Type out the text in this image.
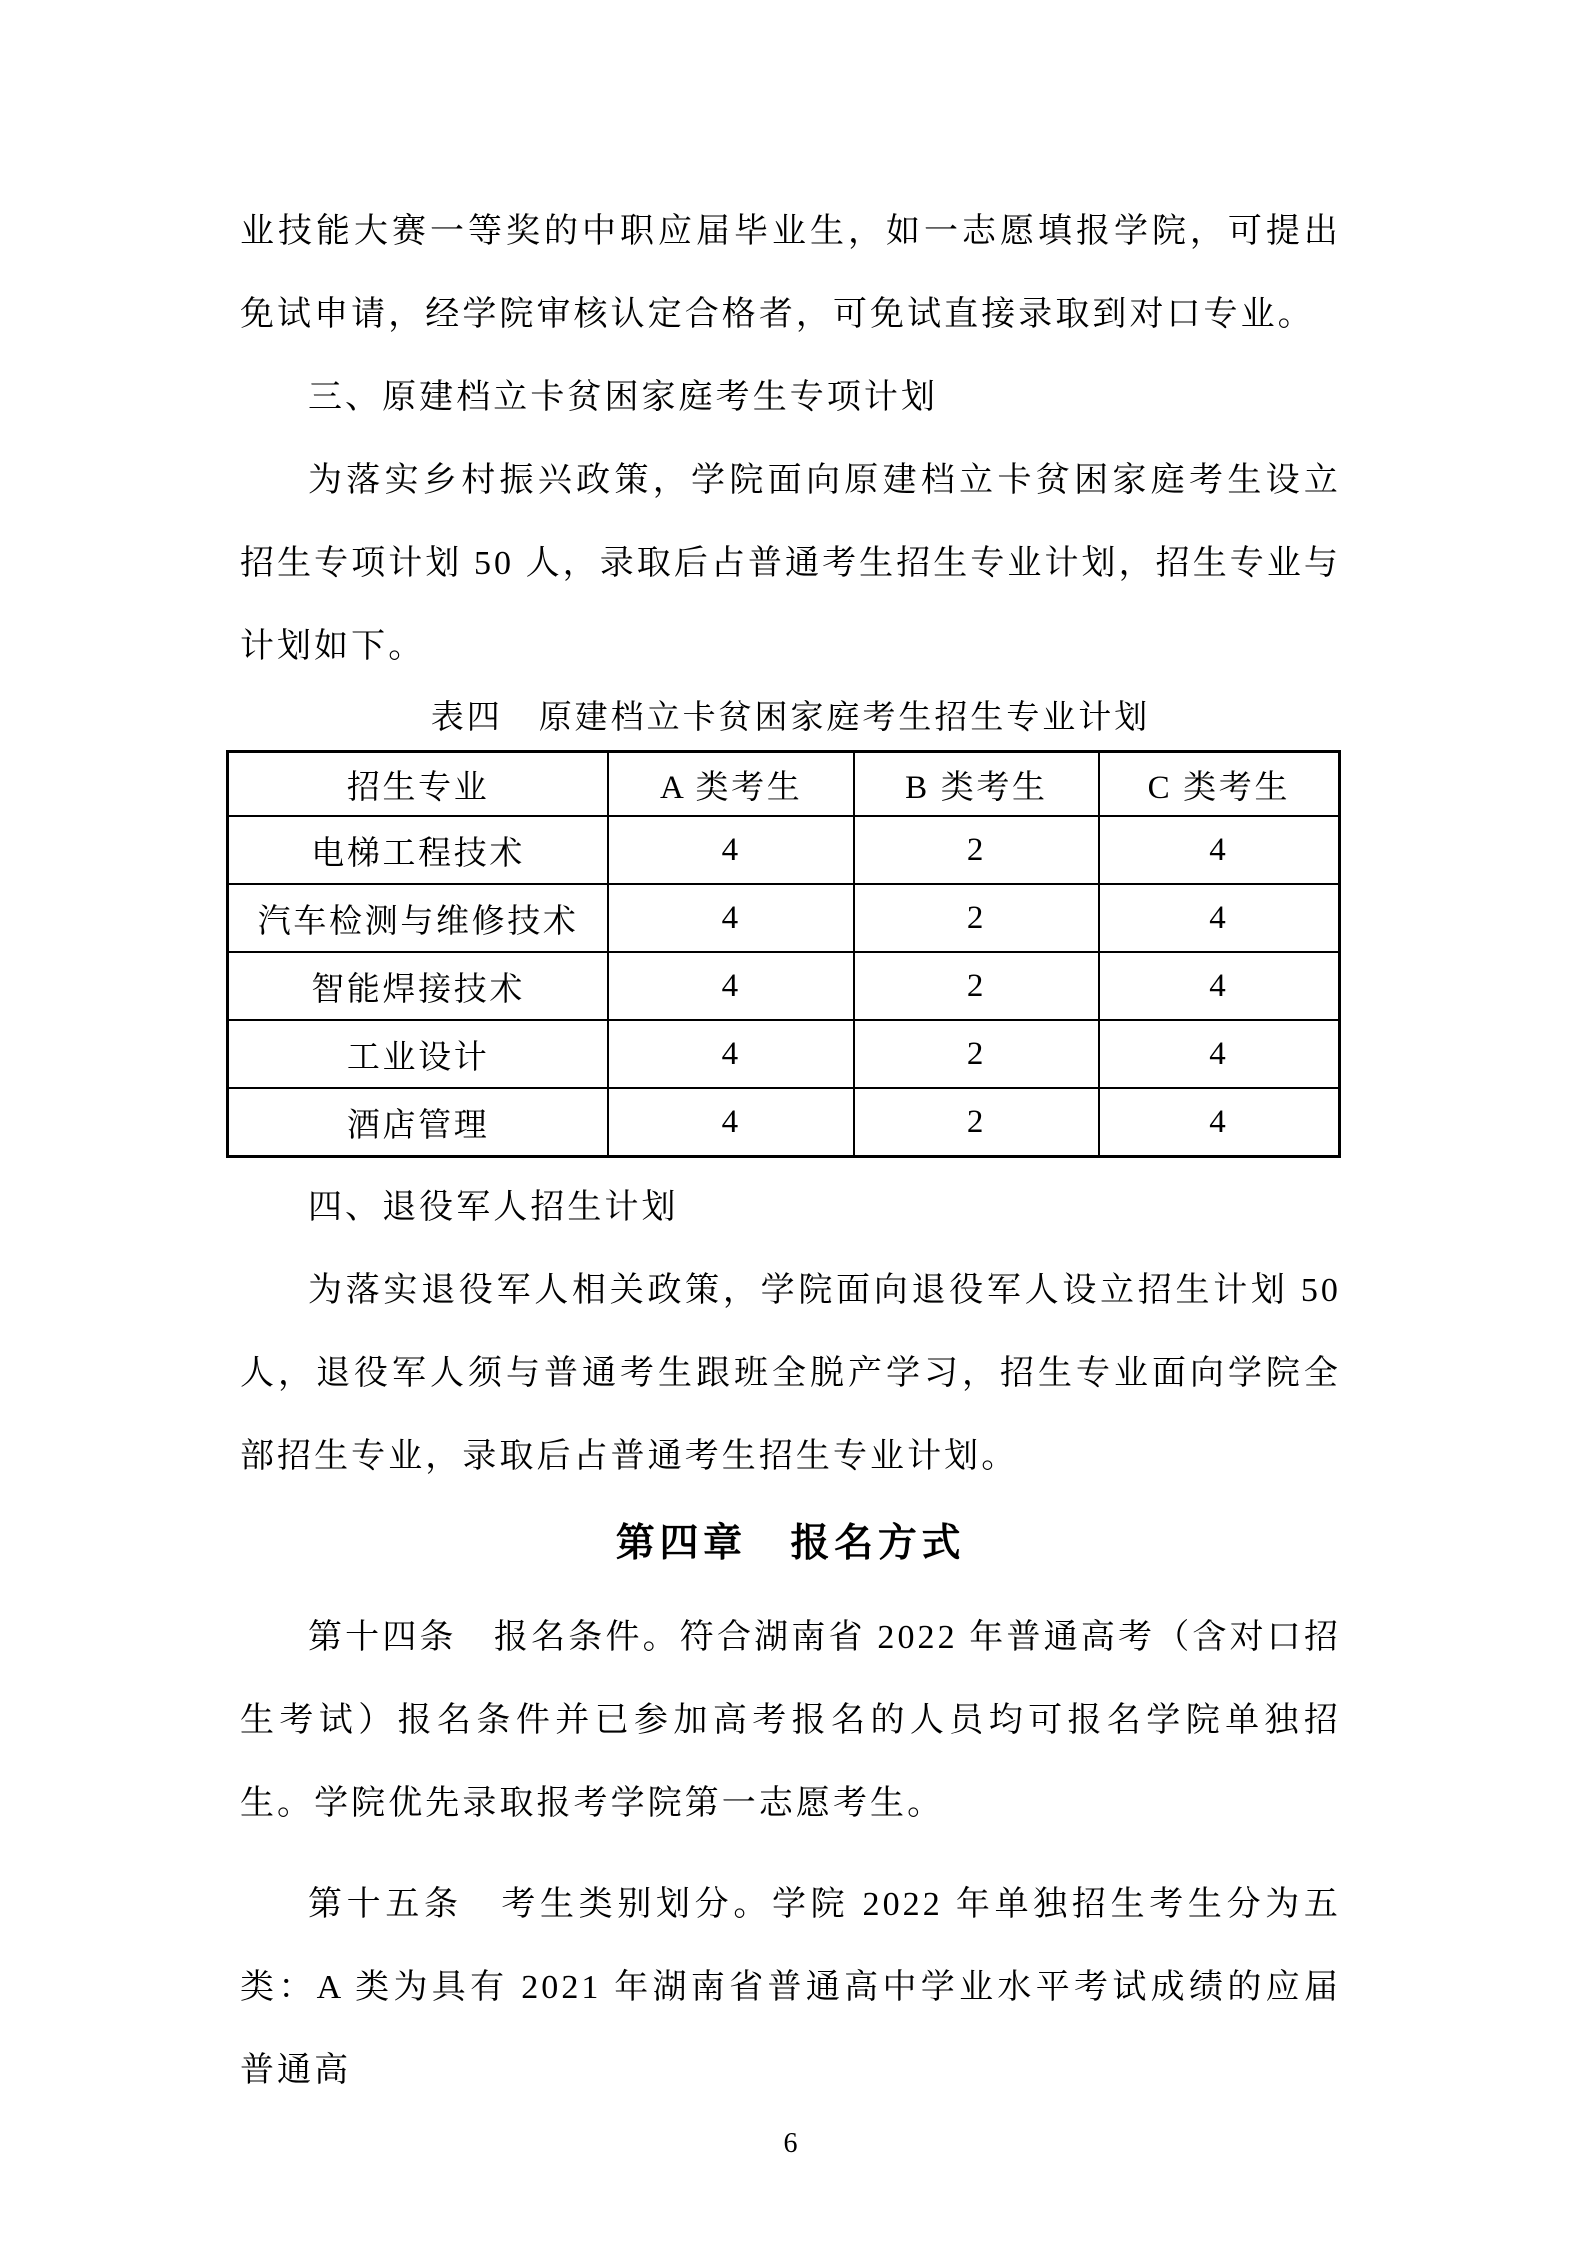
业技能大赛一等奖的中职应届毕业生，如一志愿填报学院，可提出免试申请，经学院审核认定合格者，可免试直接录取到对口专业。

三、原建档立卡贫困家庭考生专项计划

为落实乡村振兴政策，学院面向原建档立卡贫困家庭考生设立招生专项计划 50 人，录取后占普通考生招生专业计划，招生专业与计划如下。

表四　原建档立卡贫困家庭考生招生专业计划

招生专业	A 类考生	B 类考生	C 类考生
电梯工程技术	4	2	4
汽车检测与维修技术	4	2	4
智能焊接技术	4	2	4
工业设计	4	2	4
酒店管理	4	2	4
四、退役军人招生计划

为落实退役军人相关政策，学院面向退役军人设立招生计划 50 人，退役军人须与普通考生跟班全脱产学习，招生专业面向学院全部招生专业，录取后占普通考生招生专业计划。

第四章　报名方式

第十四条　报名条件。符合湖南省 2022 年普通高考（含对口招生考试）报名条件并已参加高考报名的人员均可报名学院单独招生。学院优先录取报考学院第一志愿考生。

第十五条　考生类别划分。学院 2022 年单独招生考生分为五类：A 类为具有 2021 年湖南省普通高中学业水平考试成绩的应届普通高

6
